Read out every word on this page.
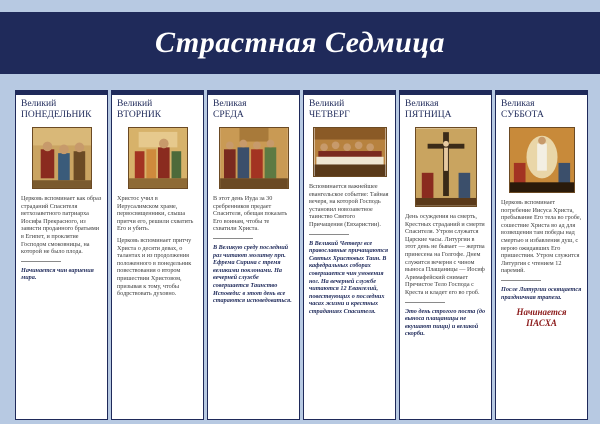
Страстная Седмица
Великий
ПОНЕДЕЛЬНИК

Церковь вспоминает как образ страданий Спасителя ветхозаветного патриарха Иосифа Прекрасного, из зависти проданного братьями в Египет, и проклятие Господом смоковницы, на которой не было плода.

Начинается чин вариения мира.
Великий
ВТОРНИК

Христос учил в Иерусалимском храме, первосвященники, слыша притчи его, решили схватить Его и убить.

Церковь вспоминает притчу Христа о десяти девах, о талантах и из продолжения положенного в понедельник повествования о втором пришествии Христовом, призывая к тому, чтобы бодрствовать духовно.

Великая
СРЕДА

В этот день Иуда за 30 сребренников предает Спасителя, обещая показать Его воинам, чтобы те схватили Христа.

В Великую среду последний раз читают молитву прп. Ефрема Сирина с тремя великими поклонами. На вечерней службе совершается Таинство Исповеди: в этот день все стараются исповедоваться.
Великий
ЧЕТВЕРГ

Вспоминается важнейшее евангельское событие: Тайная вечеря, на которой Господь установил новозаветное таинство Святого Причащения (Евхаристии).

В Великий Четверг все православные причащаются Святых Христовых Таин. В кафедральных соборах совершается чин умовения ног. На вечерней службе читаются 12 Евангелий, повествующих о последних часах жизни и крестных страданиях Спасителя.
Великая
ПЯТНИЦА

День осуждения на смерть, Крестных страданий и смерти Спасителя. Утром служатся Царские часы. Литургии в этот день не бывает — жертва принесена на Голгофе. Днем служится вечерня с чином выноса Плащаницы — Иосиф Аримафейский снимает Пречистое Тело Господа с Креста и кладет его во гроб.

Это день строгого поста (до выноса плащаницы не вкушают пищи) и великой скорби.
Великая
СУББОТА

Церковь вспоминает погребение Иисуса Христа, пребывание Его тела во гробе, сошествие Христа во ад для возвещения там победы над смертью и избавления душ, с верою ожидавших Его пришествия. Утром служится Литургия с чтением 12 паремий.

После Литургии освящается праздничная трапеза.
Начинается
ПАСХА
